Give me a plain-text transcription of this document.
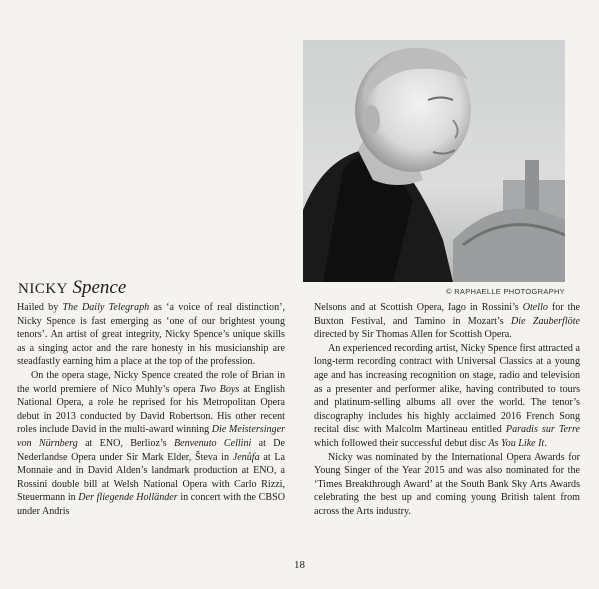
© RAPHAELLE PHOTOGRAPHY
NICKY Spence

Hailed by The Daily Telegraph as ‘a voice of real distinction’, Nicky Spence is fast emerging as ‘one of our brightest young tenors’. An artist of great integrity, Nicky Spence’s unique skills as a singing actor and the rare honesty in his musicianship are steadfastly earning him a place at the top of the profession.

On the opera stage, Nicky Spence created the role of Brian in the world premiere of Nico Muhly’s opera Two Boys at English National Opera, a role he reprised for his Metropolitan Opera debut in 2013 conducted by David Robertson. His other recent roles include David in the multi-award winning Die Meistersinger von Nürnberg at ENO, Berlioz’s Benvenuto Cellini at De Nederlandse Opera under Sir Mark Elder, Števa in Jenůfa at La Monnaie and in David Alden’s landmark production at ENO, a Rossini double bill at Welsh National Opera with Carlo Rizzi, Steuermann in Der fliegende Holländer in concert with the CBSO under Andris

Nelsons and at Scottish Opera, Iago in Rossini’s Otello for the Buxton Festival, and Tamino in Mozart’s Die Zauberflöte directed by Sir Thomas Allen for Scottish Opera.

An experienced recording artist, Nicky Spence first attracted a long-term recording contract with Universal Classics at a young age and has increasing recognition on stage, radio and television as a presenter and performer alike, having contributed to tours and platinum-selling albums all over the world. The tenor’s discography includes his highly acclaimed 2016 French Song recital disc with Malcolm Martineau entitled Paradis sur Terre which followed their successful debut disc As You Like It.

Nicky was nominated by the International Opera Awards for Young Singer of the Year 2015 and was also nominated for the ‘Times Breakthrough Award’ at the South Bank Sky Arts Awards celebrating the best up and coming young British talent from across the Arts industry.

18
